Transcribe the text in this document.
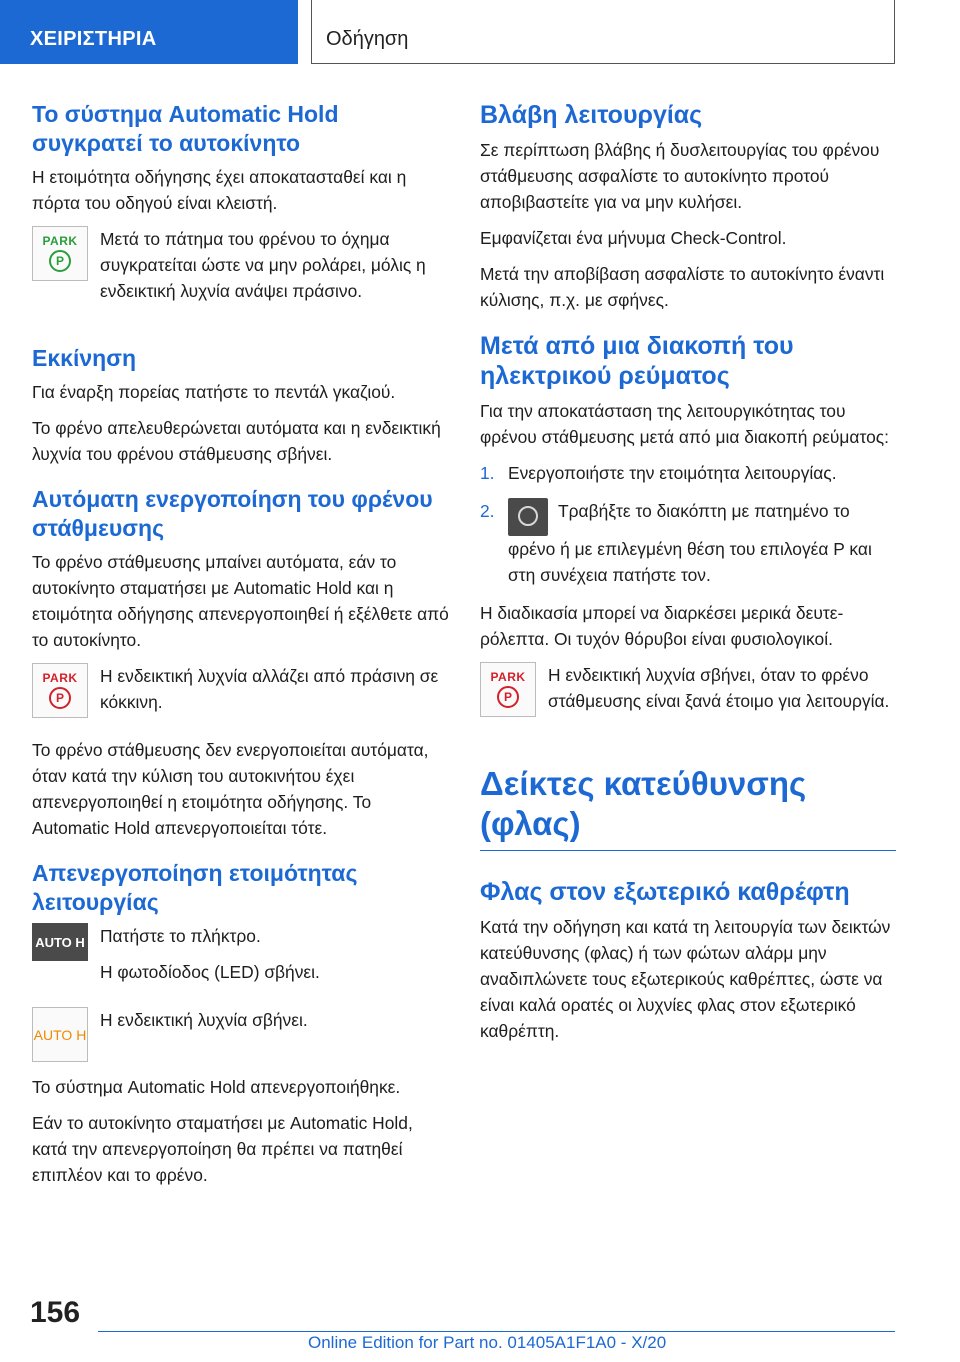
ΧΕΙΡΙΣΤΗΡΙΑ	Οδήγηση
Το σύστημα Automatic Hold συγκρατεί το αυτοκίνητο

Η ετοιμότητα οδήγησης έχει αποκατασταθεί και η πόρτα του οδηγού είναι κλειστή.

PARK
P

Μετά το πάτημα του φρένου το όχημα συγκρατείται ώστε να μην ρολάρει, μόλις η ενδεικτική λυχνία ανάψει πράσινο.

Εκκίνηση

Για έναρξη πορείας πατήστε το πεντάλ γκαζιού.

Το φρένο απελευθερώνεται αυτόματα και η ενδεικτική λυχνία του φρένου στάθμευσης σβήνει.

Αυτόματη ενεργοποίηση του φρένου στάθμευσης

Το φρένο στάθμευσης μπαίνει αυτόματα, εάν το αυτοκίνητο σταματήσει με Automatic Hold και η ετοιμότητα οδήγησης απενεργοποιηθεί ή εξέλθετε από το αυτοκίνητο.

PARK
P

Η ενδεικτική λυχνία αλλάζει από πράσινη σε κόκκινη.

Το φρένο στάθμευσης δεν ενεργοποιείται αυτόματα, όταν κατά την κύλιση του αυτοκινήτου έχει απενεργοποιηθεί η ετοιμότητα οδήγησης. Το Automatic Hold απενεργοποιείται τότε.

Απενεργοποίηση ετοιμότητας λειτουργίας
AUTO H Πατήστε το πλήκτρο.

Η φωτοδίοδος (LED) σβήνει.

AUTO H

Η ενδεικτική λυχνία σβήνει.

Το σύστημα Automatic Hold απενεργοποιήθηκε.

Εάν το αυτοκίνητο σταματήσει με Automatic Hold, κατά την απενεργοποίηση θα πρέπει να πατηθεί επιπλέον και το φρένο.

Βλάβη λειτουργίας

Σε περίπτωση βλάβης ή δυσλειτουργίας του φρένου στάθμευσης ασφαλίστε το αυτοκίνητο προτού αποβιβαστείτε για να μην κυλήσει.

Εμφανίζεται ένα μήνυμα Check-Control.

Μετά την αποβίβαση ασφαλίστε το αυτοκίνητο έναντι κύλισης, π.χ. με σφήνες.

Μετά από μια διακοπή του ηλεκτρικού ρεύματος

Για την αποκατάσταση της λειτουργικότητας του φρένου στάθμευσης μετά από μια διακοπή ρεύματος:

1. Ενεργοποιήστε την ετοιμότητα λειτουργίας.
2.	Τραβήξτε το διακόπτη με πατημένο το φρένο ή με επιλεγμένη θέση του επιλογέα P και στη συνέχεια πατήστε τον.

Η διαδικασία μπορεί να διαρκέσει μερικά δευτερόλεπτα. Οι τυχόν θόρυβοι είναι φυσιολογικοί.

PARK
P

Η ενδεικτική λυχνία σβήνει, όταν το φρένο στάθμευσης είναι ξανά έτοιμο για λειτουργία.

Δείκτες κατεύθυνσης (φλας)
Φλας στον εξωτερικό καθρέφτη

Κατά την οδήγηση και κατά τη λειτουργία των δεικτών κατεύθυνσης (φλας) ή των φώτων αλάρμ μην αναδιπλώνετε τους εξωτερικούς καθρέπτες, ώστε να είναι καλά ορατές οι λυχνίες φλας στον εξωτερικό καθρέπτη.

156
Online Edition for Part no. 01405A1F1A0 - X/20
